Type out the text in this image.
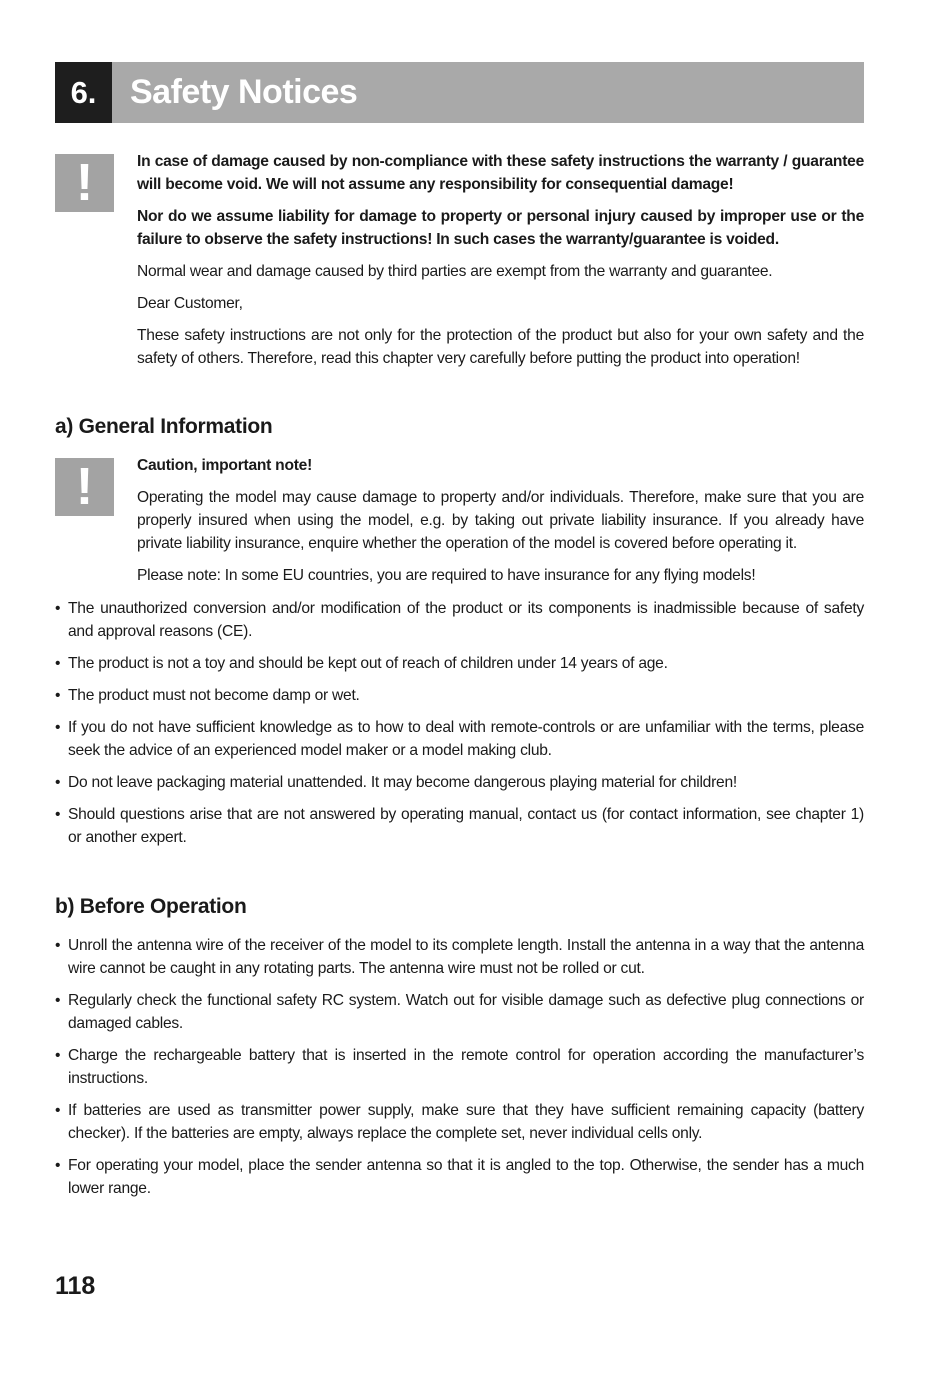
6. Safety Notices
!	In case of damage caused by non-compliance with these safety instructions the warranty / guarantee will become void. We will not assume any responsibility for consequential damage!

Nor do we assume liability for damage to property or personal injury caused by improper use or the failure to observe the safety instructions! In such cases the warranty/guarantee is voided.

Normal wear and damage caused by third parties are exempt from the warranty and guarantee.

Dear Customer,

These safety instructions are not only for the protection of the product but also for your own safety and the safety of others. Therefore, read this chapter very carefully before putting the product into operation!

a) General Information
!	Caution, important note!

Operating the model may cause damage to property and/or individuals. Therefore, make sure that you are properly insured when using the model, e.g. by taking out private liability insurance. If you already have private liability insurance, enquire whether the operation of the model is covered before operating it.

Please note: In some EU countries, you are required to have insurance for any flying models!

• The unauthorized conversion and/or modification of the product or its components is inadmissible because of safety and approval reasons (CE).
• The product is not a toy and should be kept out of reach of children under 14 years of age.
• The product must not become damp or wet.
• If you do not have sufficient knowledge as to how to deal with remote-controls or are unfamiliar with the terms, please seek the advice of an experienced model maker or a model making club.
• Do not leave packaging material unattended. It may become dangerous playing material for children!
• Should questions arise that are not answered by operating manual, contact us (for contact information, see chapter 1) or another expert.
b) Before Operation
• Unroll the antenna wire of the receiver of the model to its complete length. Install the antenna in a way that the antenna wire cannot be caught in any rotating parts. The antenna wire must not be rolled or cut.
• Regularly check the functional safety RC system. Watch out for visible damage such as defective plug connections or damaged cables.
• Charge the rechargeable battery that is inserted in the remote control for operation according the manufacturer’s instructions.
• If batteries are used as transmitter power supply, make sure that they have sufficient remaining capacity (battery checker). If the batteries are empty, always replace the complete set, never individual cells only.
• For operating your model, place the sender antenna so that it is angled to the top. Otherwise, the sender has a much lower range.
118
